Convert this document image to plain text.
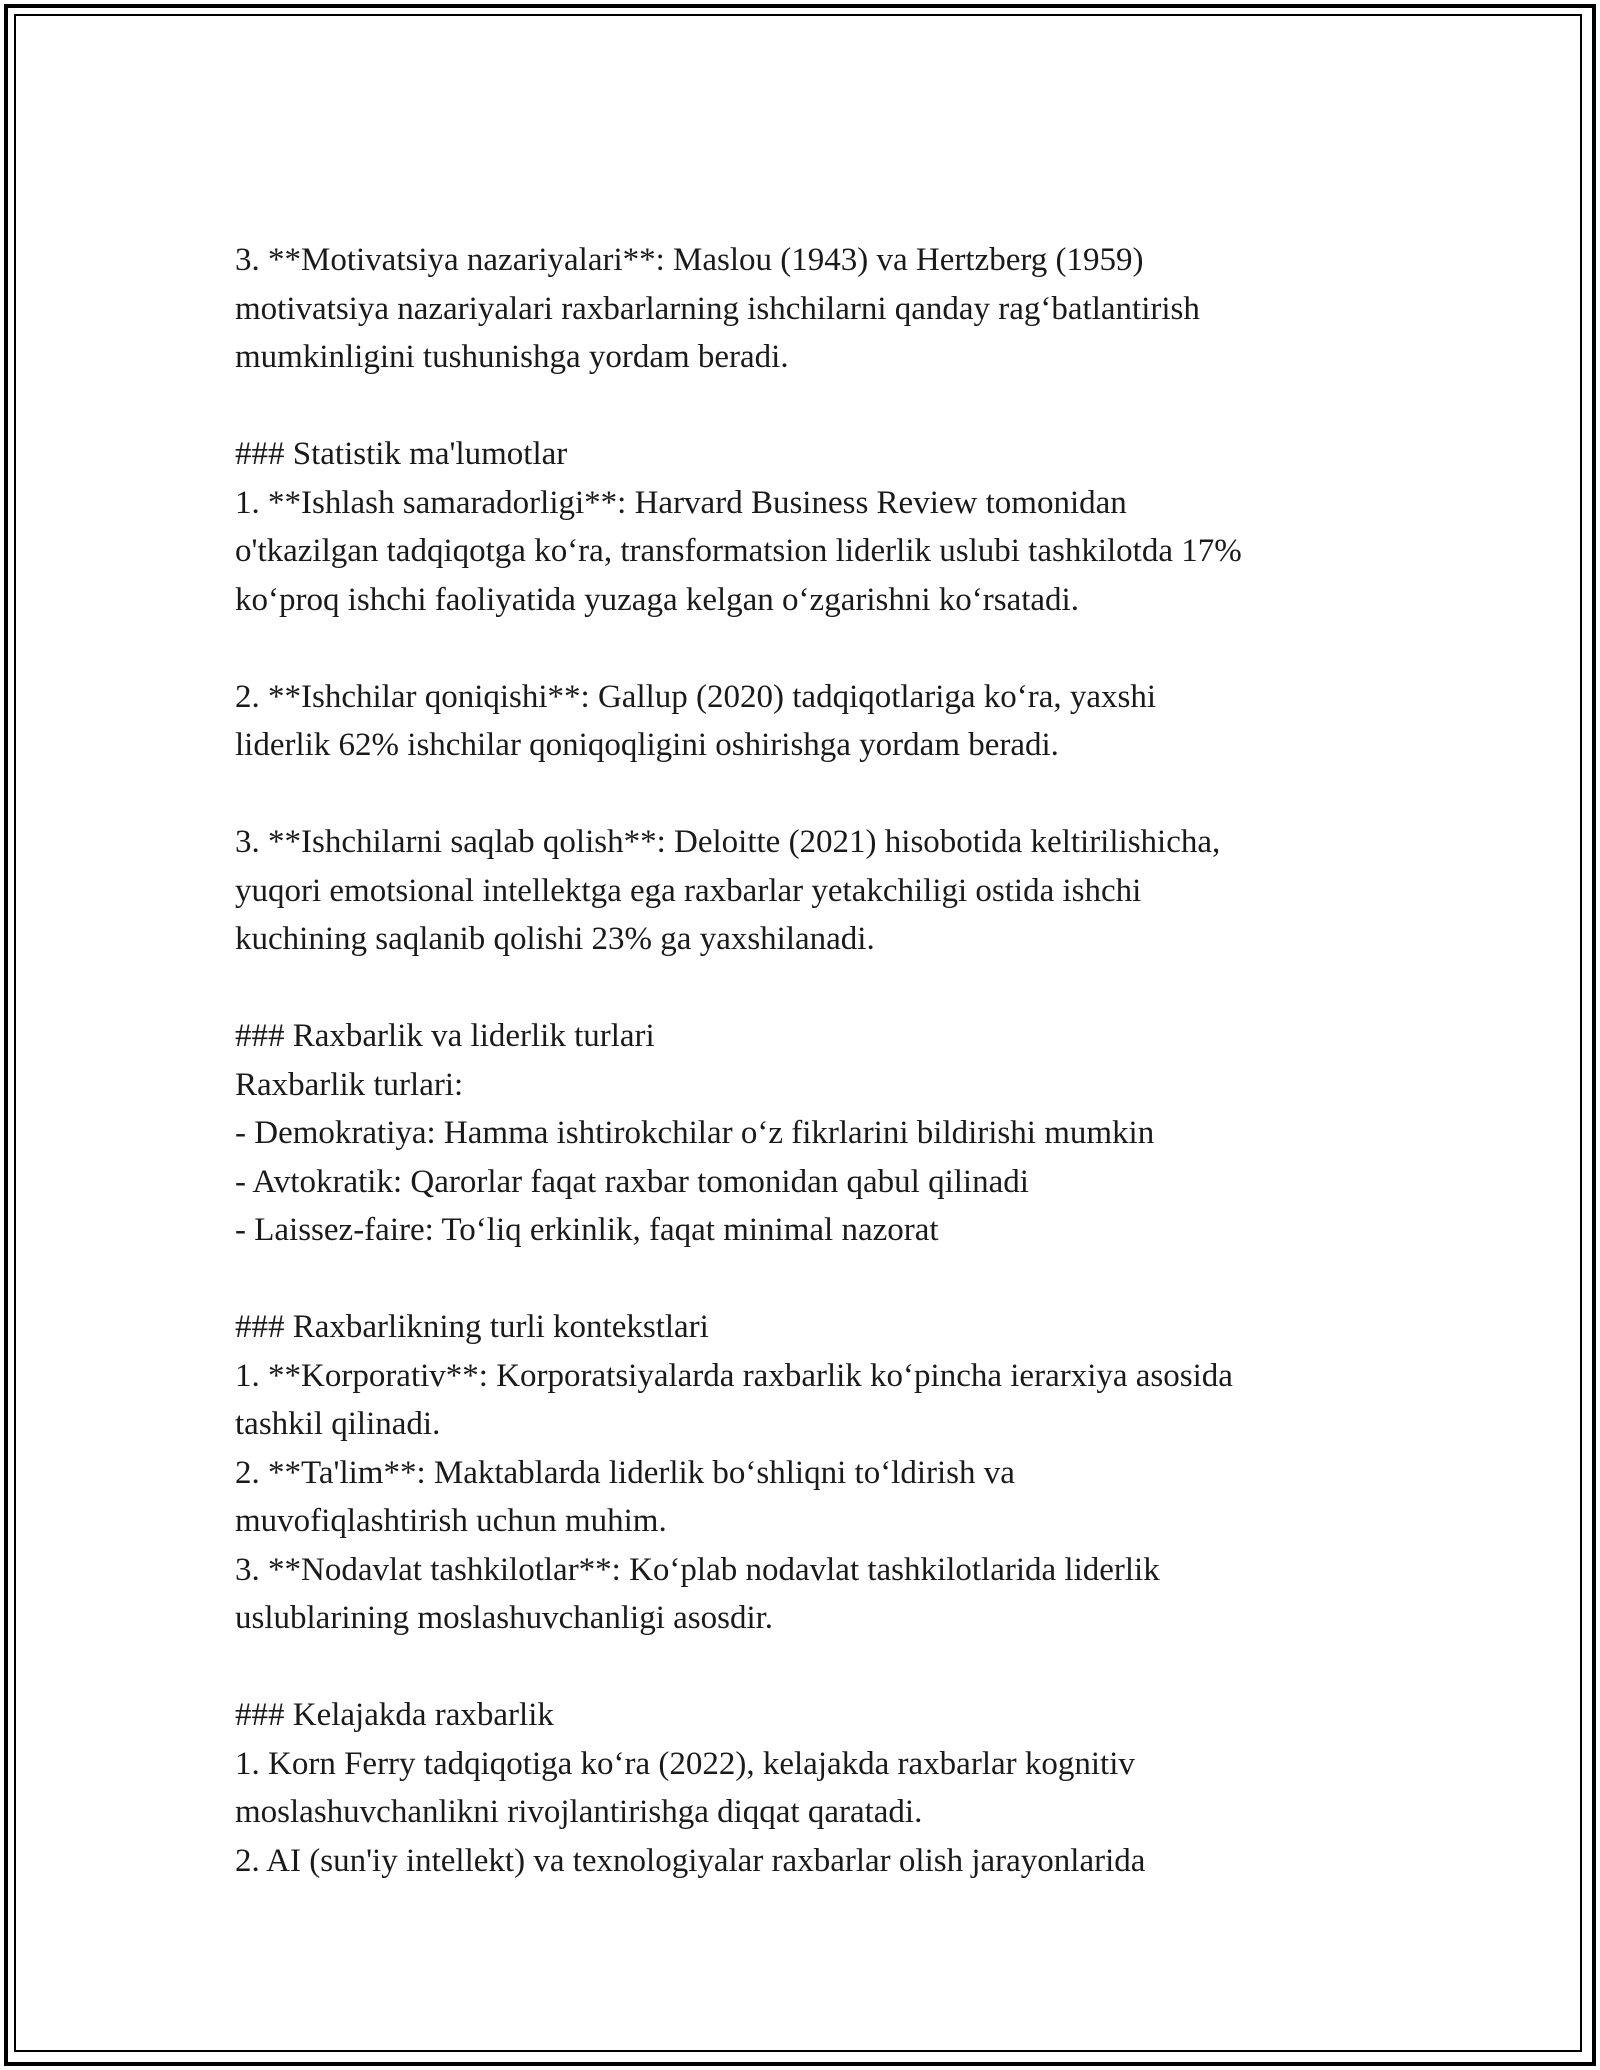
3. **Motivatsiya nazariyalari**: Maslou (1943) va Hertzberg (1959)
motivatsiya nazariyalari raxbarlarning ishchilarni qanday rag‘batlantirish
mumkinligini tushunishga yordam beradi.
### Statistik ma'lumotlar
1. **Ishlash samaradorligi**: Harvard Business Review tomonidan
o'tkazilgan tadqiqotga ko‘ra, transformatsion liderlik uslubi tashkilotda 17%
ko‘proq ishchi faoliyatida yuzaga kelgan o‘zgarishni ko‘rsatadi.
2. **Ishchilar qoniqishi**: Gallup (2020) tadqiqotlariga ko‘ra, yaxshi
liderlik 62% ishchilar qoniqoqligini oshirishga yordam beradi.
3. **Ishchilarni saqlab qolish**: Deloitte (2021) hisobotida keltirilishicha,
yuqori emotsional intellektga ega raxbarlar yetakchiligi ostida ishchi
kuchining saqlanib qolishi 23% ga yaxshilanadi.
### Raxbarlik va liderlik turlari
Raxbarlik turlari:
- Demokratiya: Hamma ishtirokchilar o‘z fikrlarini bildirishi mumkin
- Avtokratik: Qarorlar faqat raxbar tomonidan qabul qilinadi
- Laissez-faire: To‘liq erkinlik, faqat minimal nazorat
### Raxbarlikning turli kontekstlari
1. **Korporativ**: Korporatsiyalarda raxbarlik ko‘pincha ierarxiya asosida
tashkil qilinadi.
2. **Ta'lim**: Maktablarda liderlik bo‘shliqni to‘ldirish va
muvofiqlashtirish uchun muhim.
3. **Nodavlat tashkilotlar**: Ko‘plab nodavlat tashkilotlarida liderlik
uslublarining moslashuvchanligi asosdir.
### Kelajakda raxbarlik
1. Korn Ferry tadqiqotiga ko‘ra (2022), kelajakda raxbarlar kognitiv
moslashuvchanlikni rivojlantirishga diqqat qaratadi.
2. AI (sun'iy intellekt) va texnologiyalar raxbarlar olish jarayonlarida
